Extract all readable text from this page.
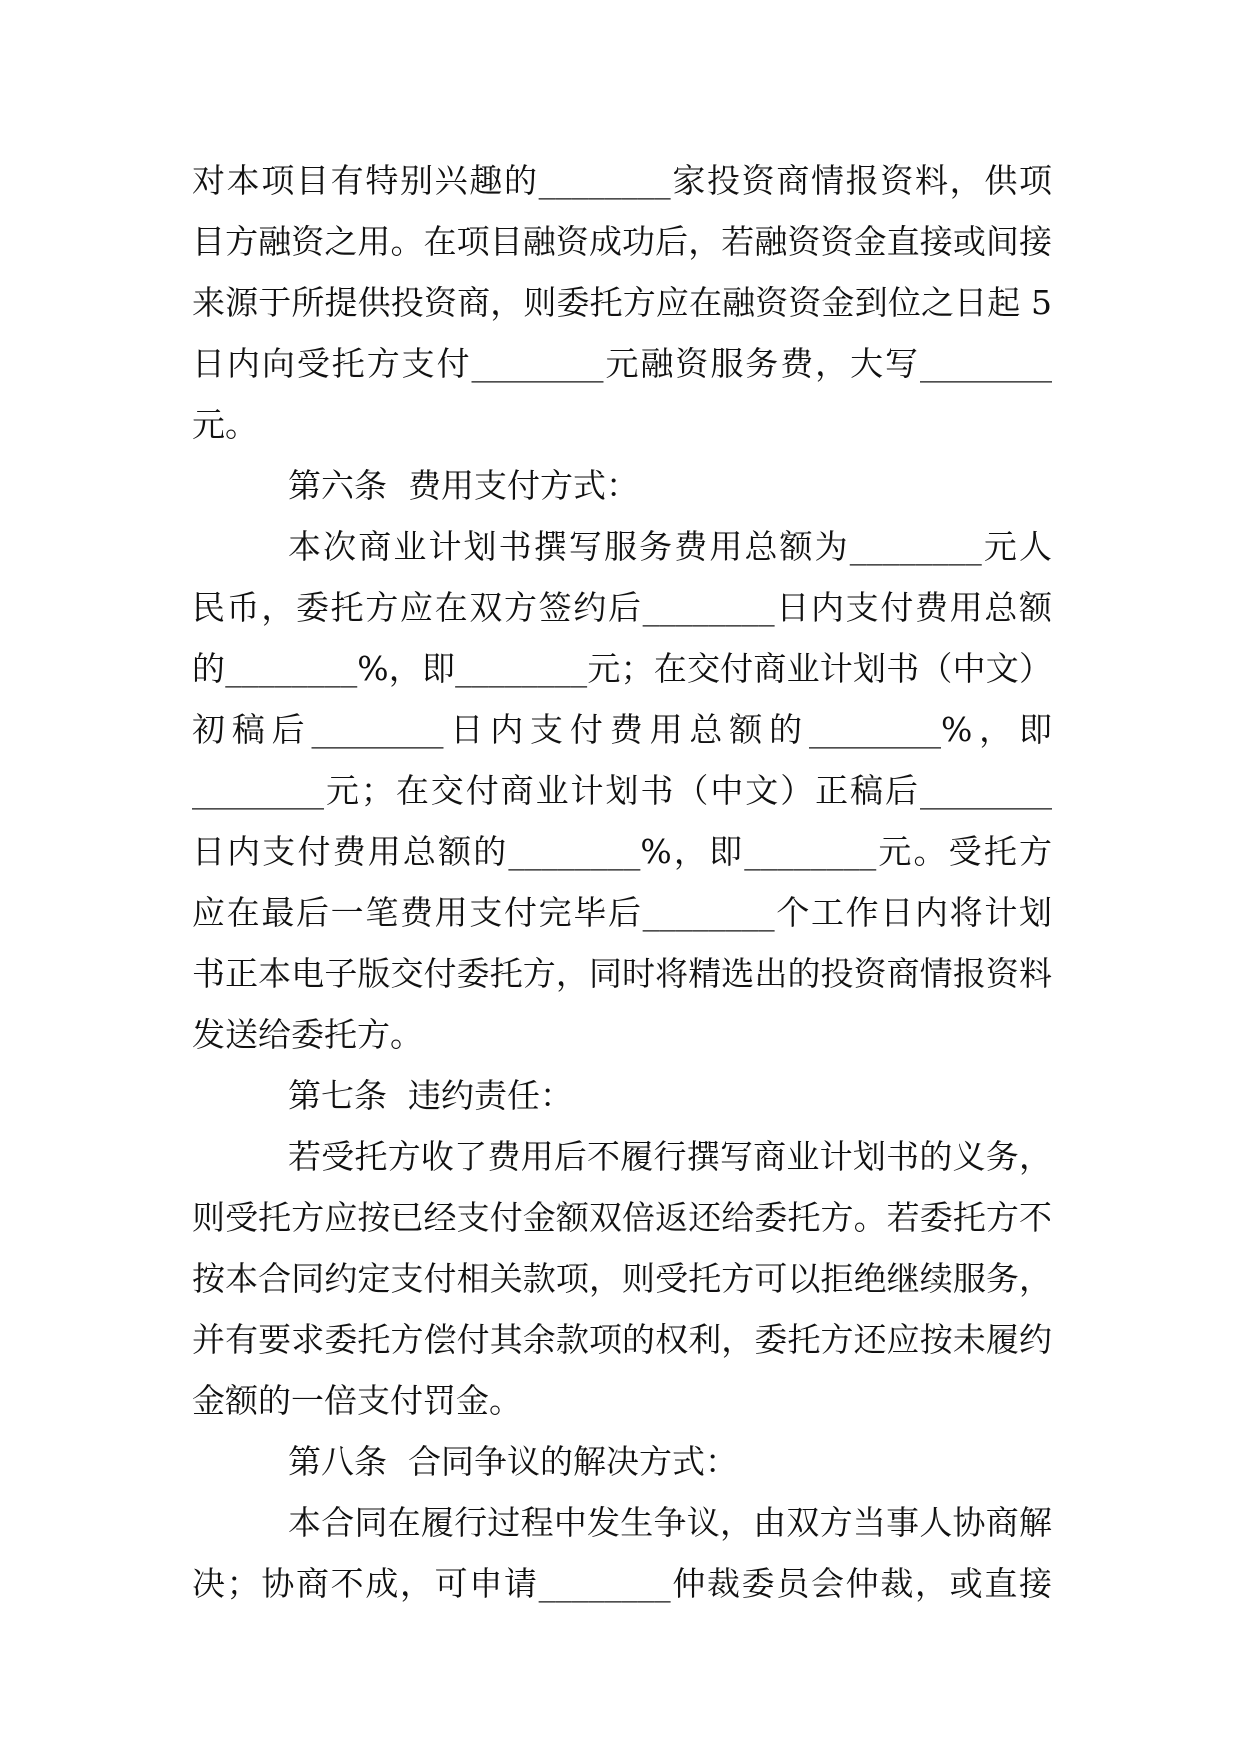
对本项目有特别兴趣的________家投资商情报资料，供项
目方融资之用。在项目融资成功后，若融资资金直接或间接
来源于所提供投资商，则委托方应在融资资金到位之日起 5
日内向受托方支付________元融资服务费，大写________
元。
第六条  费用支付方式：
本次商业计划书撰写服务费用总额为________元人
民币，委托方应在双方签约后________日内支付费用总额
的________%，即________元；在交付商业计划书（中文）
初稿后________日内支付费用总额的________%，即
________元；在交付商业计划书（中文）正稿后________
日内支付费用总额的________%，即________元。受托方
应在最后一笔费用支付完毕后________个工作日内将计划
书正本电子版交付委托方，同时将精选出的投资商情报资料
发送给委托方。
第七条  违约责任：
若受托方收了费用后不履行撰写商业计划书的义务，
则受托方应按已经支付金额双倍返还给委托方。若委托方不
按本合同约定支付相关款项，则受托方可以拒绝继续服务，
并有要求委托方偿付其余款项的权利，委托方还应按未履约
金额的一倍支付罚金。
第八条  合同争议的解决方式：
本合同在履行过程中发生争议，由双方当事人协商解
决；协商不成，可申请________仲裁委员会仲裁，或直接
